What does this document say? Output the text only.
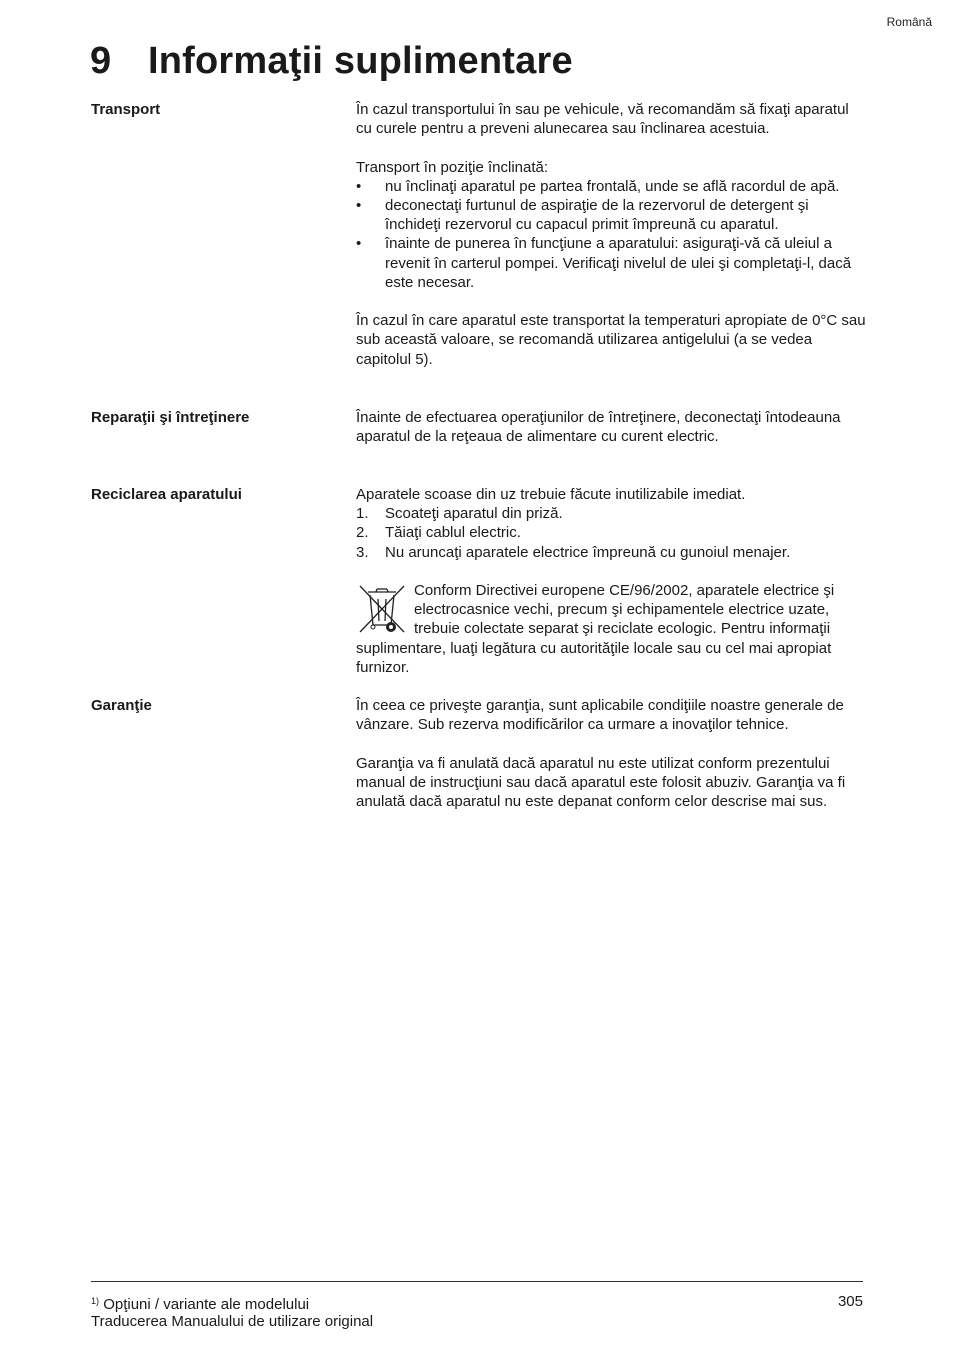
Română
9 Informaţii suplimentare
Transport	În cazul transportului în sau pe vehicule, vă recomandăm să fixaţi aparatul cu curele pentru a preveni alunecarea sau înclinarea acestuia.

Transport în poziţie înclinată:

• nu înclinaţi aparatul pe partea frontală, unde se află racordul de apă.
• deconectaţi furtunul de aspiraţie de la rezervorul de detergent şi închideţi rezervorul cu capacul primit împreună cu aparatul.
• înainte de punerea în funcţiune a aparatului: asiguraţi-vă că uleiul a revenit în carterul pompei. Verificaţi nivelul de ulei şi completaţi-l, dacă este necesar.

În cazul în care aparatul este transportat la temperaturi apropiate de 0°C sau sub această valoare, se recomandă utilizarea antigelului (a se vedea capitolul 5).

Reparaţii şi întreţinere	Înainte de efectuarea operaţiunilor de întreţinere, deconectaţi întodeauna aparatul de la reţeaua de alimentare cu curent electric.

Reciclarea aparatului	Aparatele scoase din uz trebuie făcute inutilizabile imediat.

1. Scoateţi aparatul din priză.
2. Tăiaţi cablul electric.
3. Nu aruncaţi aparatele electrice împreună cu gunoiul menajer.
Conform Directivei europene CE/96/2002, aparatele electrice şi electrocasnice vechi, precum şi echipamentele electrice uzate, trebuie colectate separat şi reciclate ecologic. Pentru informaţii suplimentare, luaţi legătura cu autorităţile locale sau cu cel mai apropiat furnizor.
Garanţie	În ceea ce priveşte garanţia, sunt aplicabile condiţiile noastre generale de vânzare. Sub rezerva modificărilor ca urmare a inovaţilor tehnice.

Garanţia va fi anulată dacă aparatul nu este utilizat conform prezentului manual de instrucţiuni sau dacă aparatul este folosit abuziv. Garanţia va fi anulată dacă aparatul nu este depanat conform celor descrise mai sus.

$^{1)}$ Opţiuni / variante ale modelului
Traducerea Manualului de utilizare original
305
